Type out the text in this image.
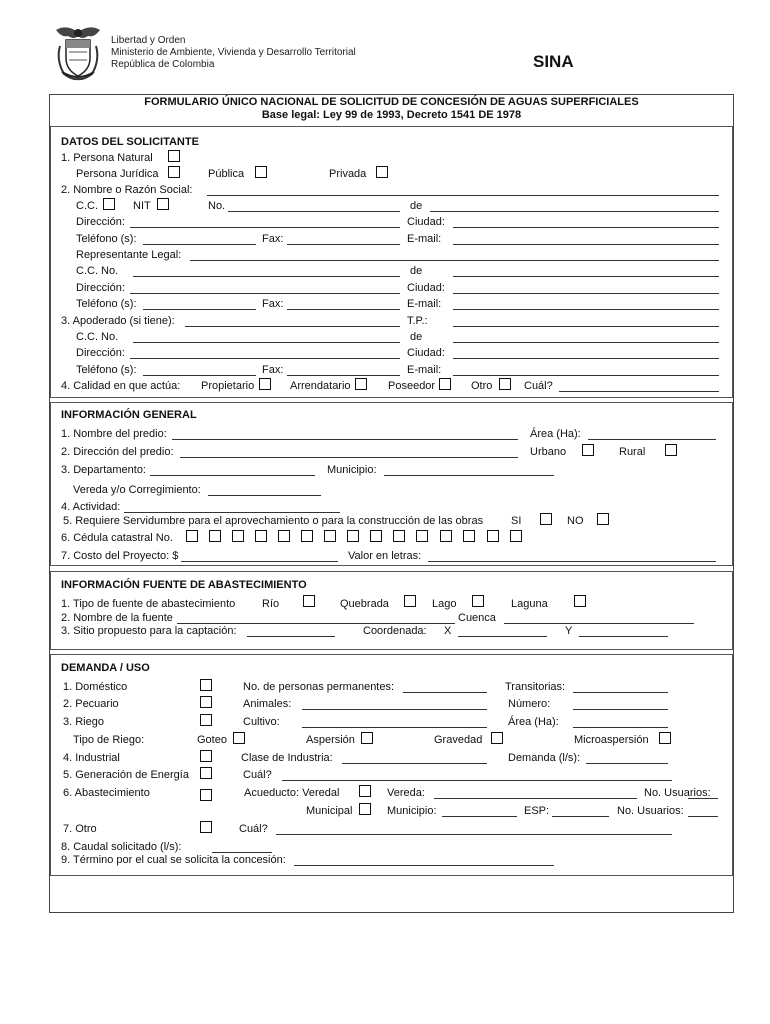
Libertad y Orden
Ministerio de Ambiente, Vivienda y Desarrollo Territorial
República de Colombia	SINA
FORMULARIO ÚNICO NACIONAL DE SOLICITUD DE CONCESIÓN DE AGUAS SUPERFICIALES
Base legal: Ley 99 de 1993, Decreto 1541 DE 1978
DATOS DEL SOLICITANTE
1. Persona Natural
Persona Jurídica	Pública	Privada
2. Nombre o Razón Social:
C.C.	NIT	No.	de
Dirección:	Ciudad:
Teléfono (s):	Fax:	E-mail:
Representante Legal:
C.C. No.	de
Dirección:	Ciudad:
Teléfono (s):	Fax:	E-mail:
3. Apoderado (si tiene):	T.P.:
C.C. No.	de
Dirección:	Ciudad:
Teléfono (s):	Fax:	E-mail:
4. Calidad en que actúa: Propietario	Arrendatario	Poseedor	Otro	Cuál?
INFORMACIÓN GENERAL
1. Nombre del predio:	Área (Ha):
2. Dirección del predio:	Urbano	Rural
3. Departamento:	Municipio:
Vereda y/o Corregimiento:
4. Actividad:
5. Requiere Servidumbre para el aprovechamiento o para la construcción de las obras	SI	NO
6. Cédula catastral No.
7. Costo del Proyecto: $	Valor en letras:
INFORMACIÓN FUENTE DE ABASTECIMIENTO
1. Tipo de fuente de abastecimiento Río	Quebrada	Lago	Laguna
2. Nombre de la fuente	Cuenca
3. Sitio propuesto para la captación:	Coordenada: X	Y
DEMANDA / USO
1. Doméstico	No. de personas permanentes:	Transitorias:
2. Pecuario	Animales:	Número:
3. Riego	Cultivo:	Área (Ha):
Tipo de Riego:	Goteo	Aspersión	Gravedad	Microaspersión
4. Industrial	Clase de Industria:	Demanda (l/s):
5. Generación de Energía	Cuál?
6. Abastecimiento	Acueducto: Veredal	Vereda:	No. Usuarios:
Municipal	Municipio:	ESP:	No. Usuarios:
7. Otro	Cuál?
8. Caudal solicitado (l/s):
9. Término por el cual se solicita la concesión:
